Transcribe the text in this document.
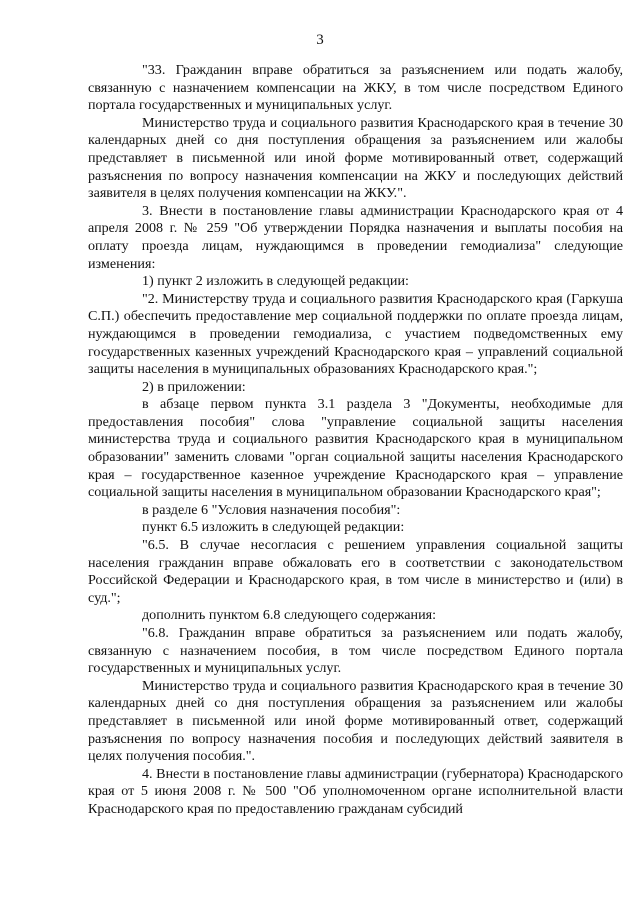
3

"33. Гражданин вправе обратиться за разъяснением или подать жалобу, связанную с назначением компенсации на ЖКУ, в том числе посредством Единого портала государственных и муниципальных услуг.

Министерство труда и социального развития Краснодарского края в течение 30 календарных дней со дня поступления обращения за разъяснением или жалобы представляет в письменной или иной форме мотивированный ответ, содержащий разъяснения по вопросу назначения компенсации на ЖКУ и последующих действий заявителя в целях получения компенсации на ЖКУ.".

3. Внести в постановление главы администрации Краснодарского края от 4 апреля 2008 г. № 259 "Об утверждении Порядка назначения и выплаты пособия на оплату проезда лицам, нуждающимся в проведении гемодиализа" следующие изменения:

1) пункт 2 изложить в следующей редакции:

"2. Министерству труда и социального развития Краснодарского края (Гаркуша С.П.) обеспечить предоставление мер социальной поддержки по оплате проезда лицам, нуждающимся в проведении гемодиализа, с участием подведомственных ему государственных казенных учреждений Краснодарского края – управлений социальной защиты населения в муниципальных образованиях Краснодарского края.";

2) в приложении:

в абзаце первом пункта 3.1 раздела 3 "Документы, необходимые для предоставления пособия" слова "управление социальной защиты населения министерства труда и социального развития Краснодарского края в муниципальном образовании" заменить словами "орган социальной защиты населения Краснодарского края – государственное казенное учреждение Краснодарского края – управление социальной защиты населения в муниципальном образовании Краснодарского края";

в разделе 6 "Условия назначения пособия":

пункт 6.5 изложить в следующей редакции:

"6.5. В случае несогласия с решением управления социальной защиты населения гражданин вправе обжаловать его в соответствии с законодательством Российской Федерации и Краснодарского края, в том числе в министерство и (или) в суд.";

дополнить пунктом 6.8 следующего содержания:

"6.8. Гражданин вправе обратиться за разъяснением или подать жалобу, связанную с назначением пособия, в том числе посредством Единого портала государственных и муниципальных услуг.

Министерство труда и социального развития Краснодарского края в течение 30 календарных дней со дня поступления обращения за разъяснением или жалобы представляет в письменной или иной форме мотивированный ответ, содержащий разъяснения по вопросу назначения пособия и последующих действий заявителя в целях получения пособия.".

4. Внести в постановление главы администрации (губернатора) Краснодарского края от 5 июня 2008 г. № 500 "Об уполномоченном органе исполнительной власти Краснодарского края по предоставлению гражданам субсидий
